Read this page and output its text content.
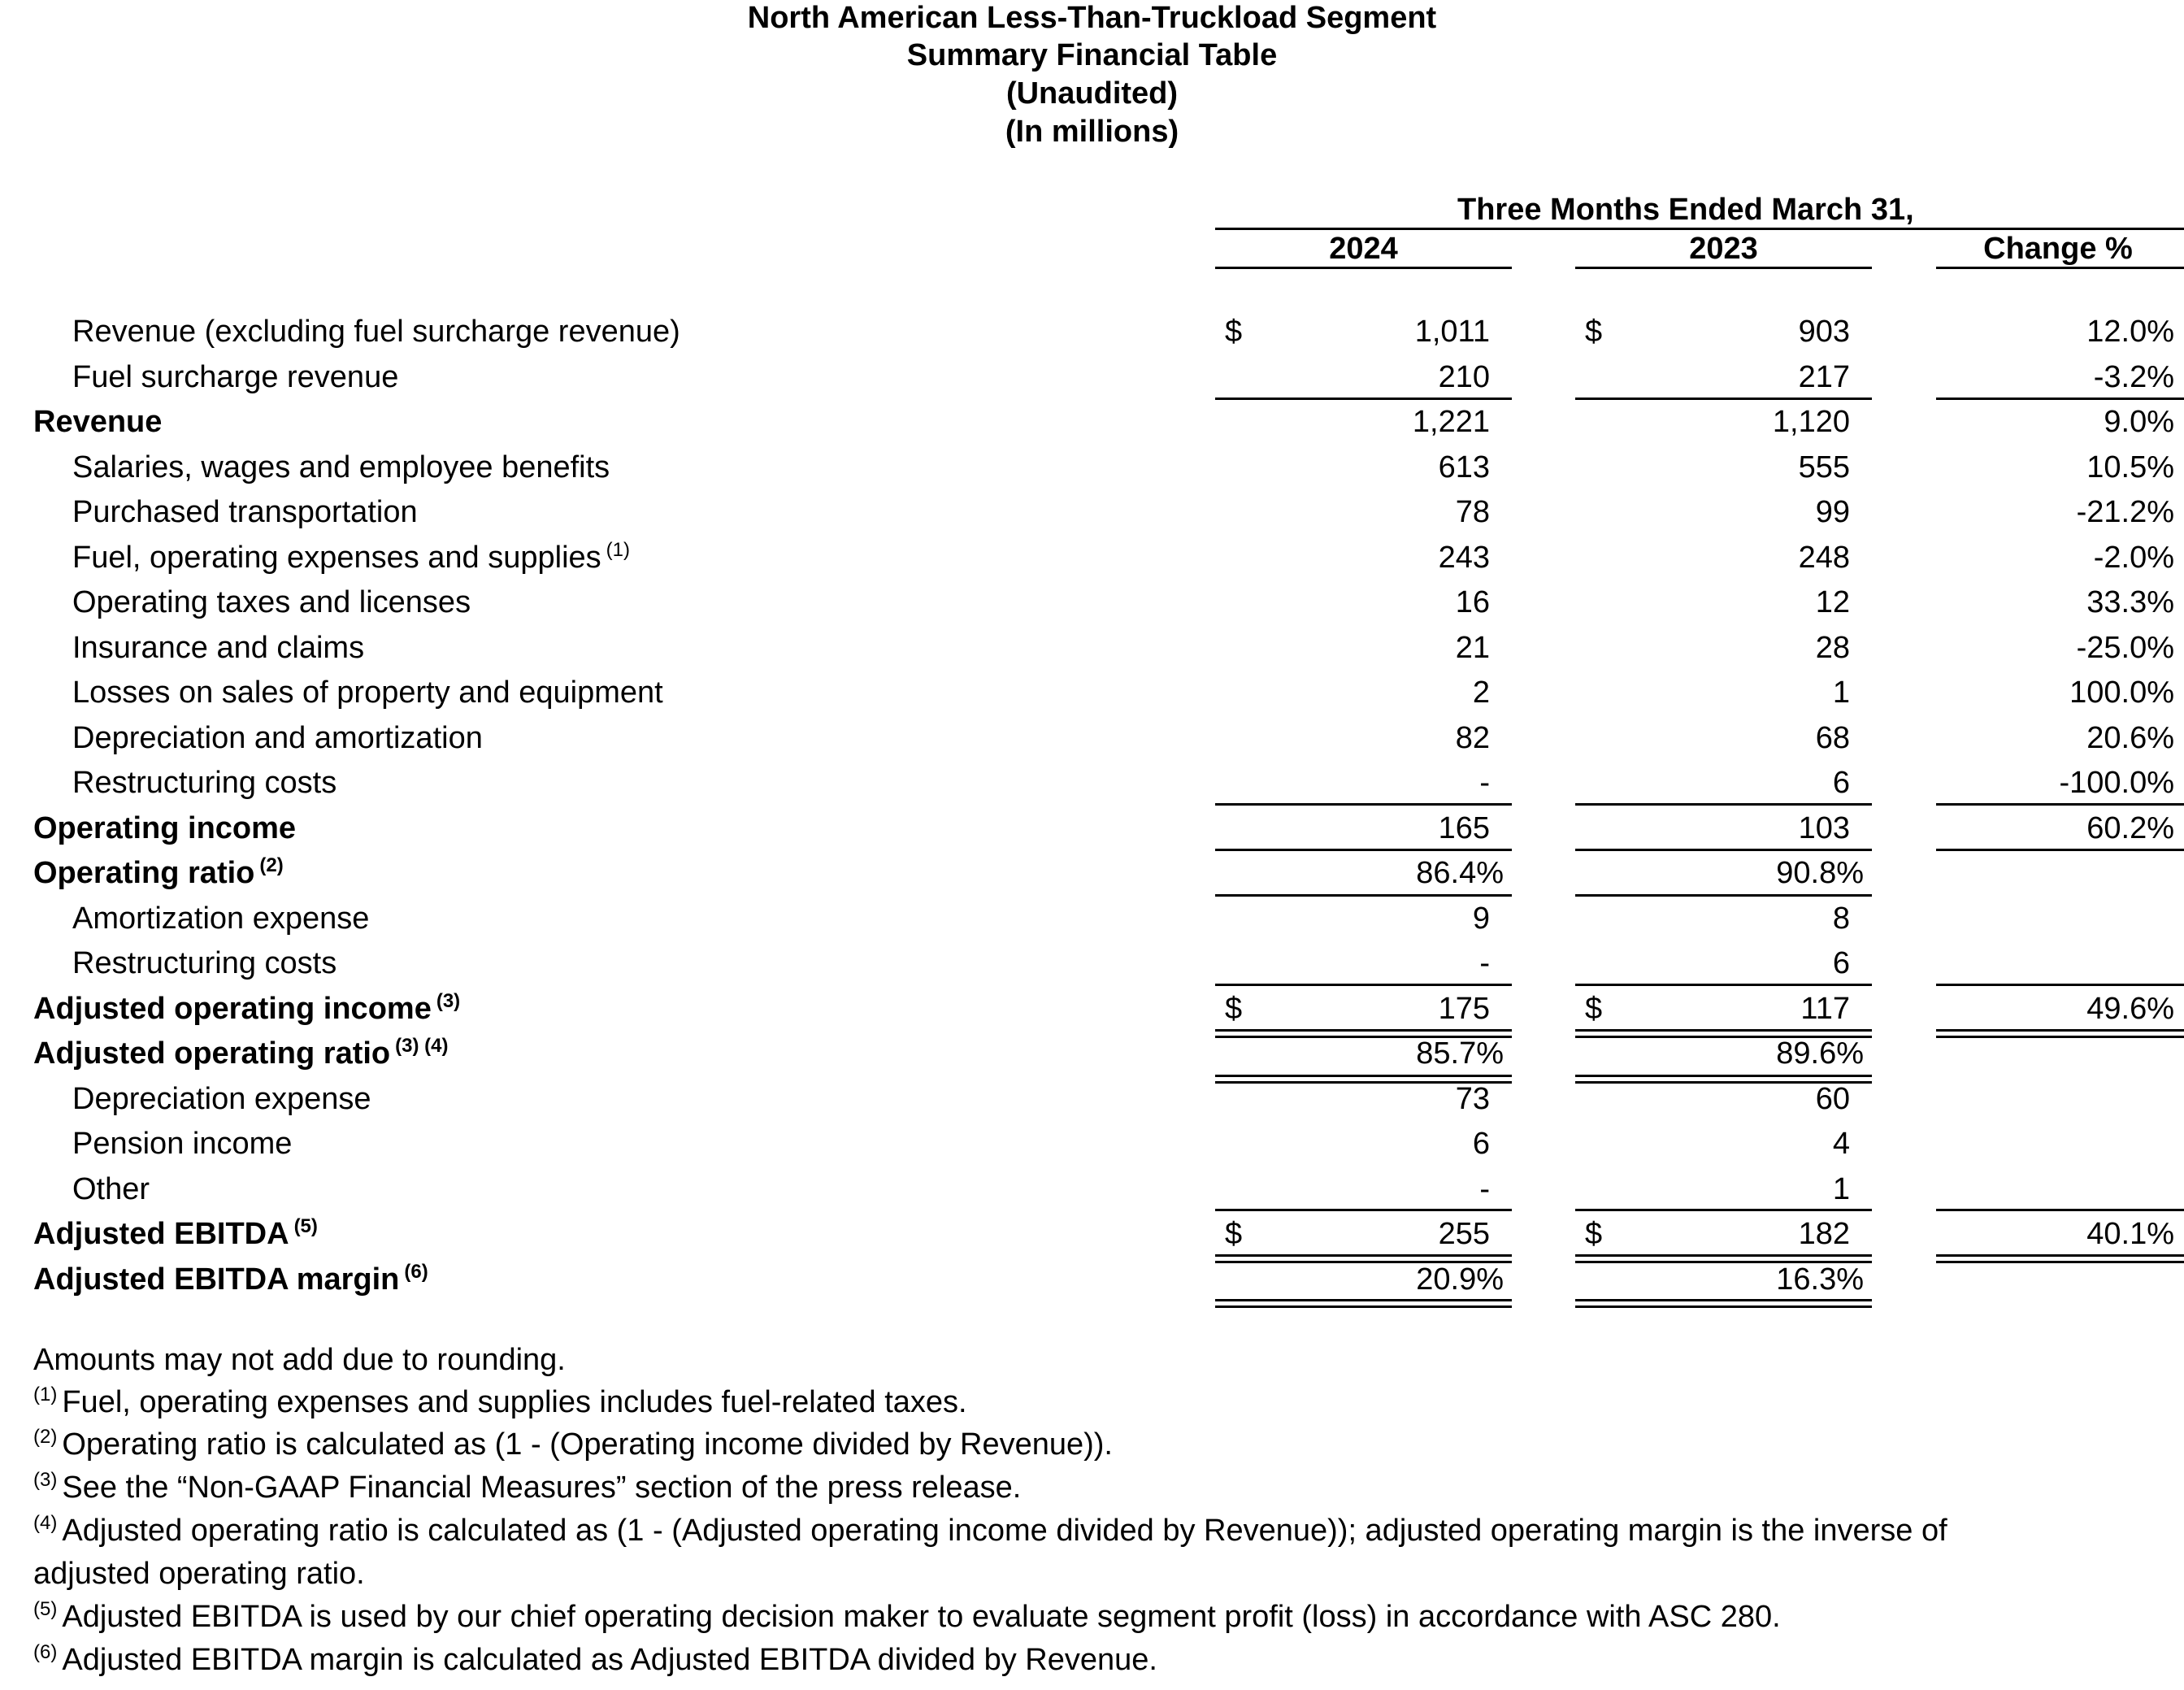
North American Less-Than-Truckload Segment
Summary Financial Table
(Unaudited)
(In millions)
Three Months Ended March 31,
2024	2023	Change %
Revenue (excluding fuel surcharge revenue)	$	1,011	$	903	12.0%
Fuel surcharge revenue	210	217	-3.2%
Revenue	1,221	1,120	9.0%
Salaries, wages and employee benefits	613	555	10.5%
Purchased transportation	78	99	-21.2%
Fuel, operating expenses and supplies $^{(1)}$	243	248	-2.0%
Operating taxes and licenses	16	12	33.3%
Insurance and claims	21	28	-25.0%
Losses on sales of property and equipment	2	1	100.0%
Depreciation and amortization	82	68	20.6%
Restructuring costs	-	6	-100.0%
Operating income	165	103	60.2%
Operating ratio $^{(2)}$	86.4%	90.8%
Amortization expense	9	8
Restructuring costs	-	6
Adjusted operating income $^{(3)}$	$	175	$	117	49.6%
Adjusted operating ratio $^{(3) (4)}$	85.7%	89.6%
Depreciation expense	73	60
Pension income	6	4
Other	-	1
Adjusted EBITDA $^{(5)}$	$	255	$	182	40.1%
Adjusted EBITDA margin $^{(6)}$	20.9%	16.3%
Amounts may not add due to rounding.
$^{(1)}$ Fuel, operating expenses and supplies includes fuel-related taxes.
$^{(2)}$ Operating ratio is calculated as (1 - (Operating income divided by Revenue)).
$^{(3)}$ See the “Non-GAAP Financial Measures” section of the press release.
$^{(4)}$ Adjusted operating ratio is calculated as (1 - (Adjusted operating income divided by Revenue)); adjusted operating margin is the inverse of
adjusted operating ratio.
$^{(5)}$ Adjusted EBITDA is used by our chief operating decision maker to evaluate segment profit (loss) in accordance with ASC 280.
$^{(6)}$ Adjusted EBITDA margin is calculated as Adjusted EBITDA divided by Revenue.
